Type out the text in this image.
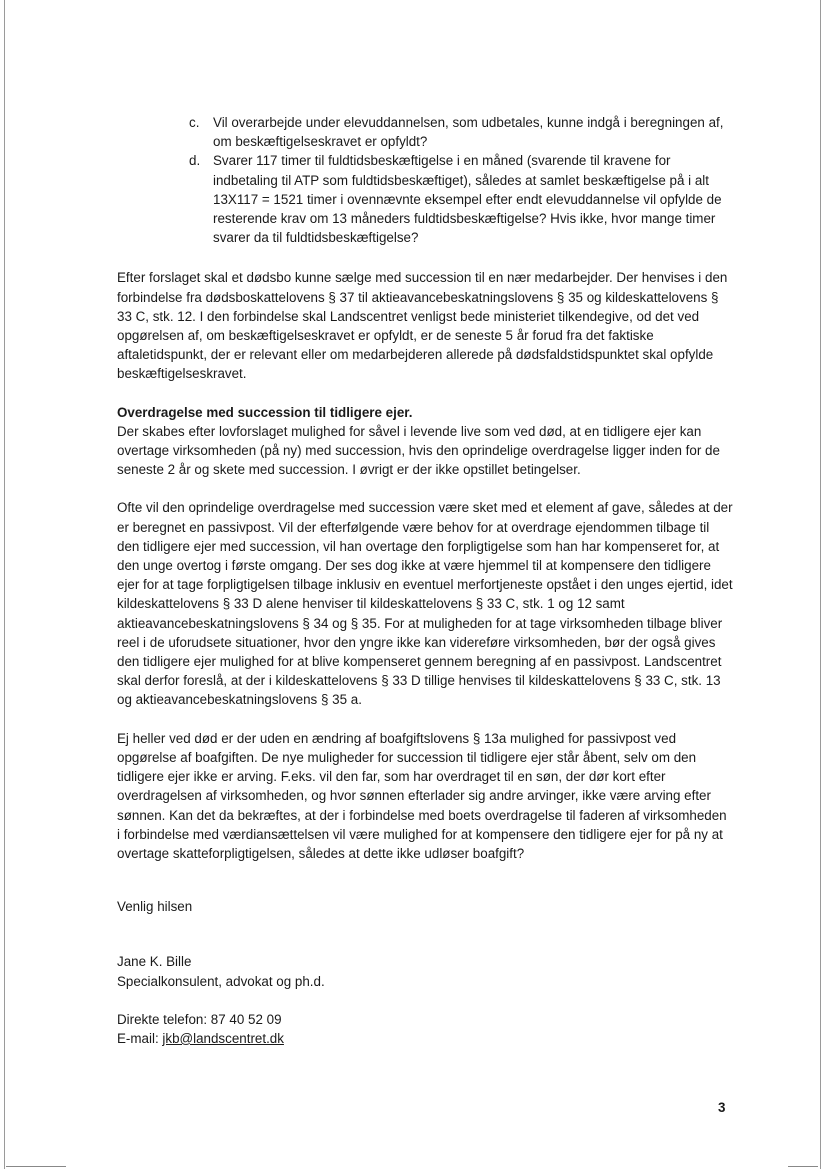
c. Vil overarbejde under elevuddannelsen, som udbetales, kunne indgå i beregningen af, om beskæftigelseskravet er opfyldt?
d. Svarer 117 timer til fuldtidsbeskæftigelse i en måned (svarende til kravene for indbetaling til ATP som fuldtidsbeskæftiget), således at samlet beskæftigelse på i alt 13X117 = 1521 timer i ovennævnte eksempel efter endt elevuddannelse vil opfylde de resterende krav om 13 måneders fuldtidsbeskæftigelse? Hvis ikke, hvor mange timer svarer da til fuldtidsbeskæftigelse?

Efter forslaget skal et dødsbo kunne sælge med succession til en nær medarbejder. Der henvises i den forbindelse fra dødsboskattelovens § 37 til aktieavancebeskatningslovens § 35 og kildeskattelovens § 33 C, stk. 12. I den forbindelse skal Landscentret venligst bede ministeriet tilkendegive, od det ved opgørelsen af, om beskæftigelseskravet er opfyldt, er de seneste 5 år forud fra det faktiske aftaletidspunkt, der er relevant eller om medarbejderen allerede på dødsfaldstidspunktet skal opfylde beskæftigelseskravet.

Overdragelse med succession til tidligere ejer.
Der skabes efter lovforslaget mulighed for såvel i levende live som ved død, at en tidligere ejer kan overtage virksomheden (på ny) med succession, hvis den oprindelige overdragelse ligger inden for de seneste 2 år og skete med succession. I øvrigt er der ikke opstillet betingelser.

Ofte vil den oprindelige overdragelse med succession være sket med et element af gave, således at der er beregnet en passivpost. Vil der efterfølgende være behov for at overdrage ejendommen tilbage til den tidligere ejer med succession, vil han overtage den forpligtigelse som han har kompenseret for, at den unge overtog i første omgang. Der ses dog ikke at være hjemmel til at kompensere den tidligere ejer for at tage forpligtigelsen tilbage inklusiv en eventuel merfortjeneste opstået i den unges ejertid, idet kildeskattelovens § 33 D alene henviser til kildeskattelovens § 33 C, stk. 1 og 12 samt aktieavancebeskatningslovens § 34 og § 35. For at muligheden for at tage virksomheden tilbage bliver reel i de uforudsete situationer, hvor den yngre ikke kan videreføre virksomheden, bør der også gives den tidligere ejer mulighed for at blive kompenseret gennem beregning af en passivpost. Landscentret skal derfor foreslå, at der i kildeskattelovens § 33 D tillige henvises til kildeskattelovens § 33 C, stk. 13 og aktieavancebeskatningslovens § 35 a.

Ej heller ved død er der uden en ændring af boafgiftslovens § 13a mulighed for passivpost ved opgørelse af boafgiften. De nye muligheder for succession til tidligere ejer står åbent, selv om den tidligere ejer ikke er arving. F.eks. vil den far, som har overdraget til en søn, der dør kort efter overdragelsen af virksomheden, og hvor sønnen efterlader sig andre arvinger, ikke være arving efter sønnen. Kan det da bekræftes, at der i forbindelse med boets overdragelse til faderen af virksomheden i forbindelse med værdiansættelsen vil være mulighed for at kompensere den tidligere ejer for på ny at overtage skatteforpligtigelsen, således at dette ikke udløser boafgift?

Venlig hilsen
Jane K. Bille
Specialkonsulent, advokat og ph.d.
Direkte telefon: 87 40 52 09
E-mail: jkb@landscentret.dk
3
